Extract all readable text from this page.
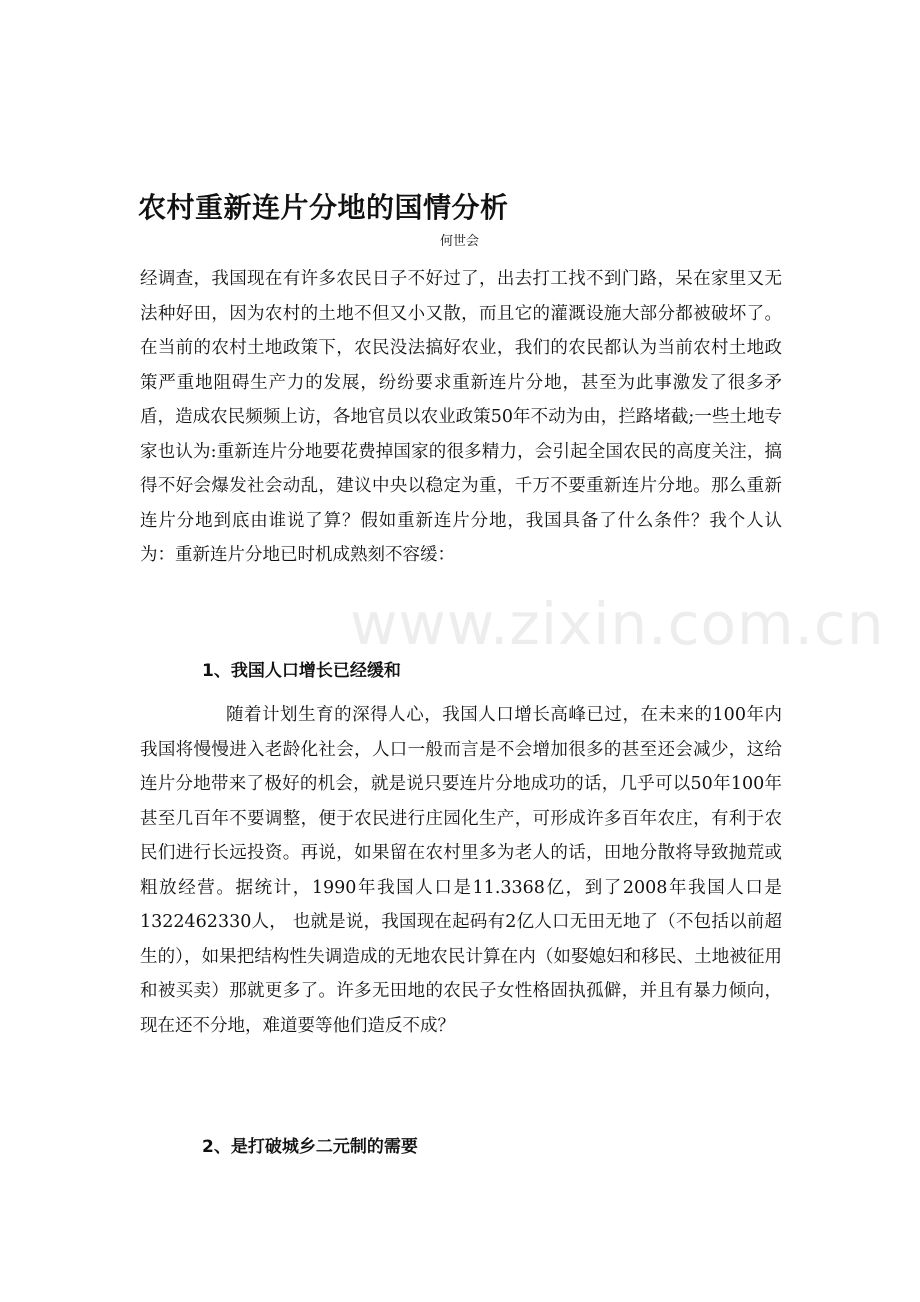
农村重新连片分地的国情分析
何世会

经调查，我国现在有许多农民日子不好过了，出去打工找不到门路，呆在家里又无法种好田，因为农村的土地不但又小又散，而且它的灌溉设施大部分都被破坏了。在当前的农村土地政策下，农民没法搞好农业，我们的农民都认为当前农村土地政策严重地阻碍生产力的发展，纷纷要求重新连片分地，甚至为此事激发了很多矛盾，造成农民频频上访，各地官员以农业政策50年不动为由，拦路堵截;一些土地专家也认为:重新连片分地要花费掉国家的很多精力，会引起全国农民的高度关注，搞得不好会爆发社会动乱，建议中央以稳定为重，千万不要重新连片分地。那么重新连片分地到底由谁说了算？假如重新连片分地，我国具备了什么条件？我个人认为：重新连片分地已时机成熟刻不容缓：

1、我国人口增长已经缓和

随着计划生育的深得人心，我国人口增长高峰已过，在未来的100年内我国将慢慢进入老龄化社会，人口一般而言是不会增加很多的甚至还会减少，这给连片分地带来了极好的机会，就是说只要连片分地成功的话，几乎可以50年100年甚至几百年不要调整，便于农民进行庄园化生产，可形成许多百年农庄，有利于农民们进行长远投资。再说，如果留在农村里多为老人的话，田地分散将导致抛荒或粗放经营。据统计，1990年我国人口是11.3368亿，到了2008年我国人口是1322462330人， 也就是说，我国现在起码有2亿人口无田无地了（不包括以前超生的），如果把结构性失调造成的无地农民计算在内（如娶媳妇和移民、土地被征用和被买卖）那就更多了。许多无田地的农民子女性格固执孤僻，并且有暴力倾向，现在还不分地，难道要等他们造反不成？

2、是打破城乡二元制的需要
www.zixin.com.cn
